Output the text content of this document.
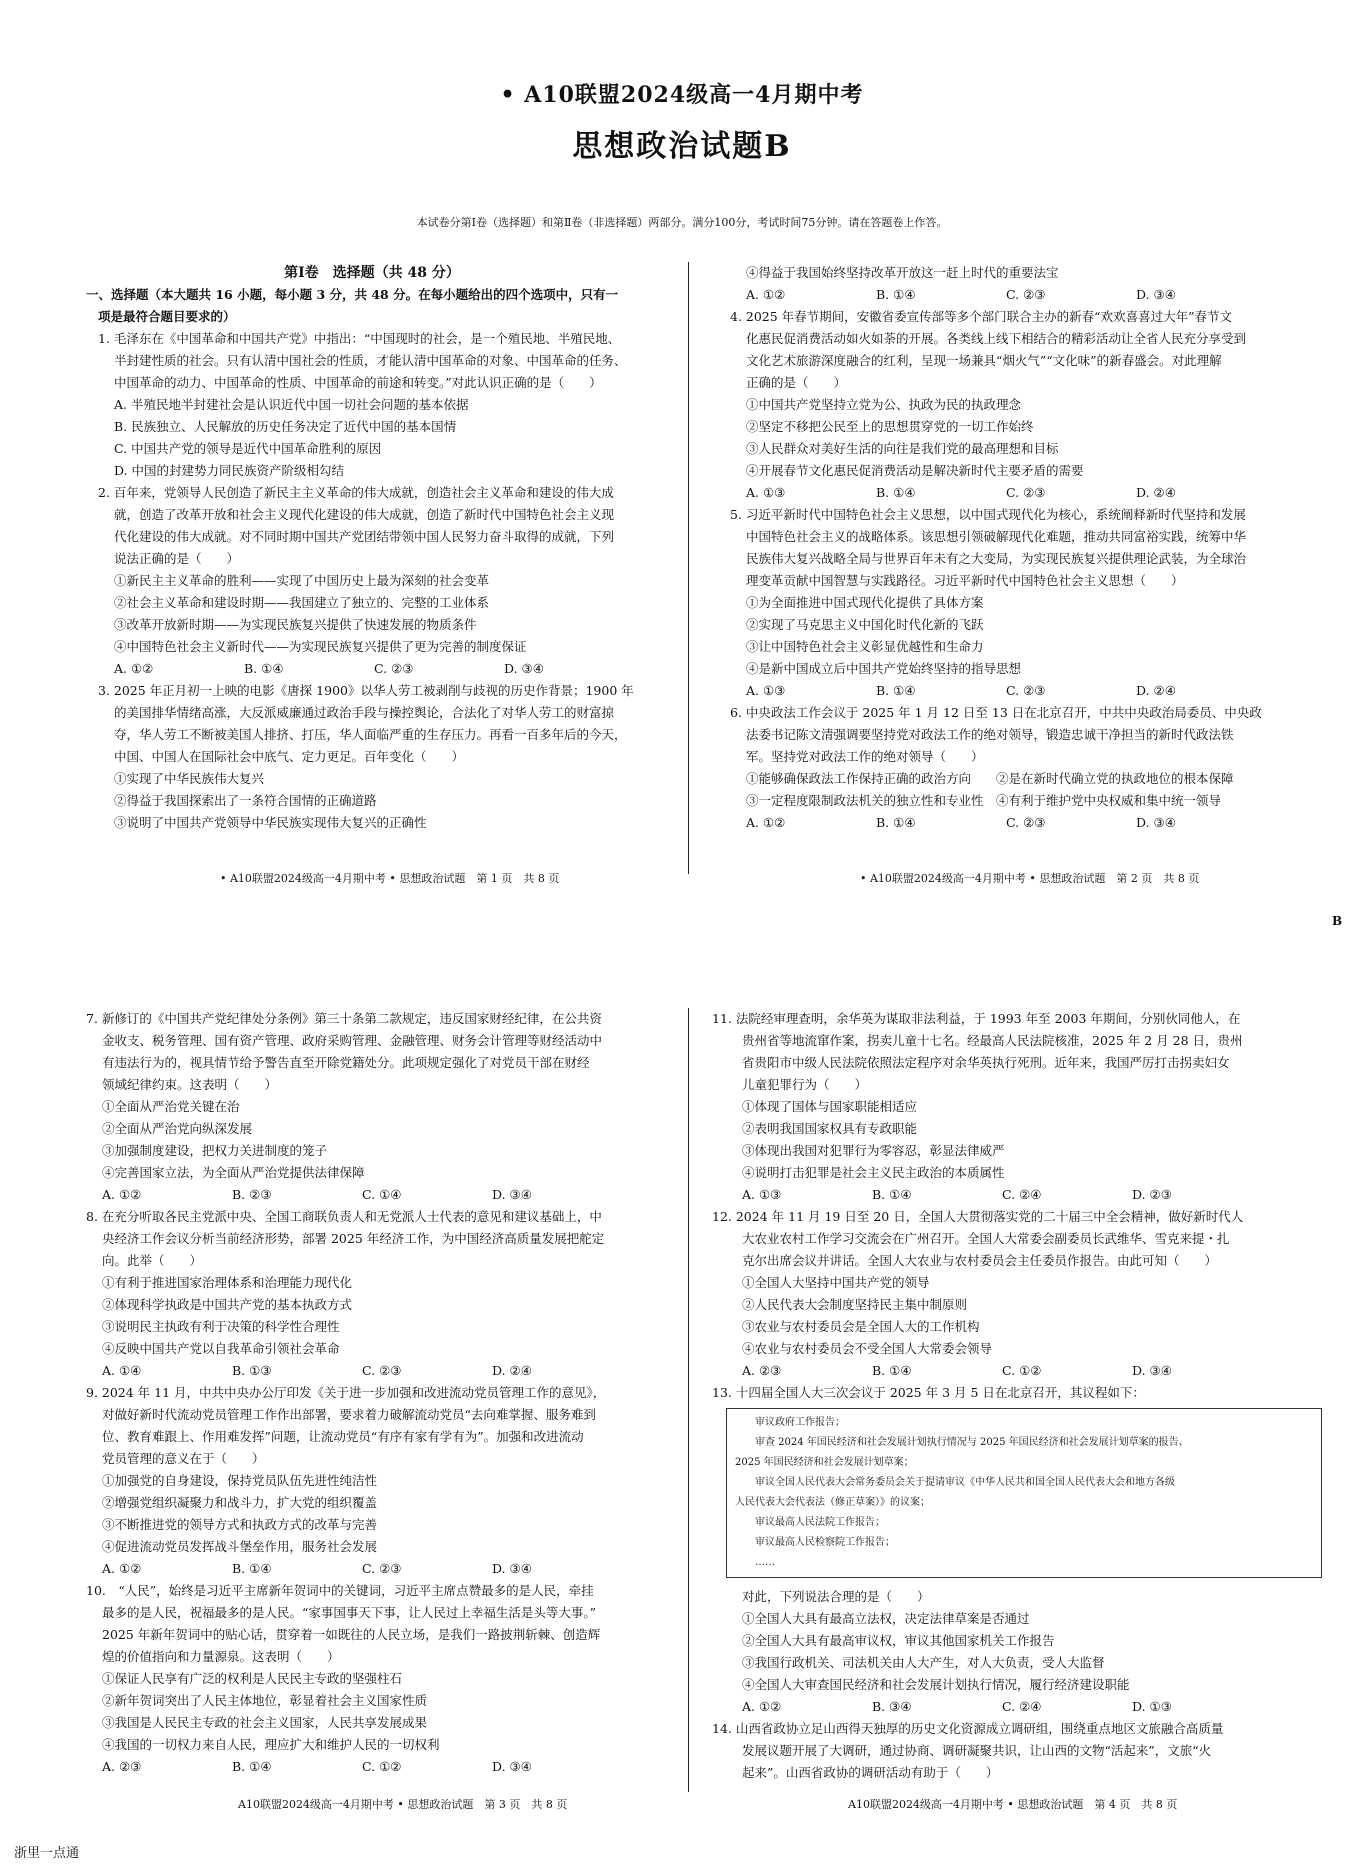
• A10联盟2024级高一4月期中考
思想政治试题B
本试卷分第Ⅰ卷（选择题）和第Ⅱ卷（非选择题）两部分。满分100分，考试时间75分钟。请在答题卷上作答。

第Ⅰ卷　选择题（共 48 分）

一、选择题（本大题共 16 小题，每小题 3 分，共 48 分。在每小题给出的四个选项中，只有一

项是最符合题目要求的）

1. 毛泽东在《中国革命和中国共产党》中指出：“中国现时的社会，是一个殖民地、半殖民地、

半封建性质的社会。只有认清中国社会的性质，才能认清中国革命的对象、中国革命的任务、

中国革命的动力、中国革命的性质、中国革命的前途和转变。”对此认识正确的是（　　）

A. 半殖民地半封建社会是认识近代中国一切社会问题的基本依据

B. 民族独立、人民解放的历史任务决定了近代中国的基本国情

C. 中国共产党的领导是近代中国革命胜利的原因

D. 中国的封建势力同民族资产阶级相勾结

2. 百年来，党领导人民创造了新民主主义革命的伟大成就，创造社会主义革命和建设的伟大成

就，创造了改革开放和社会主义现代化建设的伟大成就，创造了新时代中国特色社会主义现

代化建设的伟大成就。对不同时期中国共产党团结带领中国人民努力奋斗取得的成就，下列

说法正确的是（　　）

①新民主主义革命的胜利——实现了中国历史上最为深刻的社会变革

②社会主义革命和建设时期——我国建立了独立的、完整的工业体系

③改革开放新时期——为实现民族复兴提供了快速发展的物质条件

④中国特色社会主义新时代——为实现民族复兴提供了更为完善的制度保证

A. ①②	B. ①④	C. ②③	D. ③④

3. 2025 年正月初一上映的电影《唐探 1900》以华人劳工被剥削与歧视的历史作背景；1900 年

的美国排华情绪高涨，大反派威廉通过政治手段与操控舆论，合法化了对华人劳工的财富掠

夺，华人劳工不断被美国人排挤、打压，华人面临严重的生存压力。再看一百多年后的今天，

中国、中国人在国际社会中底气、定力更足。百年变化（　　）

①实现了中华民族伟大复兴

②得益于我国探索出了一条符合国情的正确道路

③说明了中国共产党领导中华民族实现伟大复兴的正确性

• A10联盟2024级高一4月期中考 • 思想政治试题　第 1 页　共 8 页

④得益于我国始终坚持改革开放这一赶上时代的重要法宝

A. ①②	B. ①④	C. ②③	D. ③④

4. 2025 年春节期间，安徽省委宣传部等多个部门联合主办的新春“欢欢喜喜过大年”春节文

化惠民促消费活动如火如荼的开展。各类线上线下相结合的精彩活动让全省人民充分享受到

文化艺术旅游深度融合的红利，呈现一场兼具“烟火气”“文化味”的新春盛会。对此理解

正确的是（　　）

①中国共产党坚持立党为公、执政为民的执政理念

②坚定不移把公民至上的思想贯穿党的一切工作始终

③人民群众对美好生活的向往是我们党的最高理想和目标

④开展春节文化惠民促消费活动是解决新时代主要矛盾的需要

A. ①③	B. ①④	C. ②③	D. ②④

5. 习近平新时代中国特色社会主义思想，以中国式现代化为核心，系统阐释新时代坚持和发展

中国特色社会主义的战略体系。该思想引领破解现代化难题，推动共同富裕实践，统筹中华

民族伟大复兴战略全局与世界百年未有之大变局，为实现民族复兴提供理论武装，为全球治

理变革贡献中国智慧与实践路径。习近平新时代中国特色社会主义思想（　　）

①为全面推进中国式现代化提供了具体方案

②实现了马克思主义中国化时代化新的飞跃

③让中国特色社会主义彰显优越性和生命力

④是新中国成立后中国共产党始终坚持的指导思想

A. ①③	B. ①④	C. ②③	D. ②④

6. 中央政法工作会议于 2025 年 1 月 12 日至 13 日在北京召开，中共中央政治局委员、中央政

法委书记陈文清强调要坚持党对政法工作的绝对领导，锻造忠诚干净担当的新时代政法铁

军。坚持党对政法工作的绝对领导（　　）

①能够确保政法工作保持正确的政治方向　　②是在新时代确立党的执政地位的根本保障

③一定程度限制政法机关的独立性和专业性　④有利于维护党中央权威和集中统一领导

A. ①②	B. ①④	C. ②③	D. ③④
• A10联盟2024级高一4月期中考 • 思想政治试题　第 2 页　共 8 页
B

7. 新修订的《中国共产党纪律处分条例》第三十条第二款规定，违反国家财经纪律，在公共资

金收支、税务管理、国有资产管理、政府采购管理、金融管理、财务会计管理等财经活动中

有违法行为的，视具情节给予警告直至开除党籍处分。此项规定强化了对党员干部在财经

领域纪律约束。这表明（　　）

①全面从严治党关键在治

②全面从严治党向纵深发展

③加强制度建设，把权力关进制度的笼子

④完善国家立法，为全面从严治党提供法律保障

A. ①②	B. ②③	C. ①④	D. ③④

8. 在充分听取各民主党派中央、全国工商联负责人和无党派人士代表的意见和建议基础上，中

央经济工作会议分析当前经济形势，部署 2025 年经济工作，为中国经济高质量发展把舵定

向。此举（　　）

①有利于推进国家治理体系和治理能力现代化

②体现科学执政是中国共产党的基本执政方式

③说明民主执政有利于决策的科学性合理性

④反映中国共产党以自我革命引领社会革命

A. ①④	B. ①③	C. ②③	D. ②④

9. 2024 年 11 月，中共中央办公厅印发《关于进一步加强和改进流动党员管理工作的意见》，

对做好新时代流动党员管理工作作出部署，要求着力破解流动党员“去向难掌握、服务难到

位、教育难跟上、作用难发挥”问题，让流动党员“有序有家有学有为”。加强和改进流动

党员管理的意义在于（　　）

①加强党的自身建设，保持党员队伍先进性纯洁性

②增强党组织凝聚力和战斗力，扩大党的组织覆盖

③不断推进党的领导方式和执政方式的改革与完善

④促进流动党员发挥战斗堡垒作用，服务社会发展

A. ①②	B. ①④	C. ②③	D. ③④

10.　“人民”，始终是习近平主席新年贺词中的关键词，习近平主席点赞最多的是人民，牵挂

最多的是人民，祝福最多的是人民。“家事国事天下事，让人民过上幸福生活是头等大事。”

2025 年新年贺词中的贴心话，贯穿着一如既往的人民立场，是我们一路披荆斩棘、创造辉

煌的价值指向和力量源泉。这表明（　　）

①保证人民享有广泛的权利是人民民主专政的坚强柱石

②新年贺词突出了人民主体地位，彰显着社会主义国家性质

③我国是人民民主专政的社会主义国家，人民共享发展成果

④我国的一切权力来自人民，理应扩大和维护人民的一切权利

A. ②③	B. ①④	C. ①②	D. ③④
A10联盟2024级高一4月期中考 • 思想政治试题　第 3 页　共 8 页

11. 法院经审理查明，余华英为谋取非法利益，于 1993 年至 2003 年期间，分别伙同他人，在

贵州省等地流窜作案，拐卖儿童十七名。经最高人民法院核准，2025 年 2 月 28 日，贵州

省贵阳市中级人民法院依照法定程序对余华英执行死刑。近年来，我国严厉打击拐卖妇女

儿童犯罪行为（　　）

①体现了国体与国家职能相适应

②表明我国国家权具有专政职能

③体现出我国对犯罪行为零容忍，彰显法律威严

④说明打击犯罪是社会主义民主政治的本质属性

A. ①③	B. ①④	C. ②④	D. ②③

12. 2024 年 11 月 19 日至 20 日，全国人大贯彻落实党的二十届三中全会精神，做好新时代人

大农业农村工作学习交流会在广州召开。全国人大常委会副委员长武维华、雪克来提・扎

克尔出席会议并讲话。全国人大农业与农村委员会主任委员作报告。由此可知（　　）

①全国人大坚持中国共产党的领导

②人民代表大会制度坚持民主集中制原则

③农业与农村委员会是全国人大的工作机构

④农业与农村委员会不受全国人大常委会领导

A. ②③	B. ①④	C. ①②	D. ③④

13. 十四届全国人大三次会议于 2025 年 3 月 5 日在北京召开，其议程如下：

审议政府工作报告；

审查 2024 年国民经济和社会发展计划执行情况与 2025 年国民经济和社会发展计划草案的报告、

2025 年国民经济和社会发展计划草案；

审议全国人民代表大会常务委员会关于提请审议《中华人民共和国全国人民代表大会和地方各级

人民代表大会代表法（修正草案）》的议案；

审议最高人民法院工作报告；

审议最高人民检察院工作报告；

……

对此，下列说法合理的是（　　）

①全国人大具有最高立法权，决定法律草案是否通过

②全国人大具有最高审议权，审议其他国家机关工作报告

③我国行政机关、司法机关由人大产生，对人大负责，受人大监督

④全国人大审查国民经济和社会发展计划执行情况，履行经济建设职能

A. ①②	B. ③④	C. ②④	D. ①③

14. 山西省政协立足山西得天独厚的历史文化资源成立调研组，围绕重点地区文旅融合高质量

发展议题开展了大调研，通过协商、调研凝聚共识，让山西的文物“活起来”，文旅“火

起来”。山西省政协的调研活动有助于（　　）

A10联盟2024级高一4月期中考 • 思想政治试题　第 4 页　共 8 页
浙里一点通
